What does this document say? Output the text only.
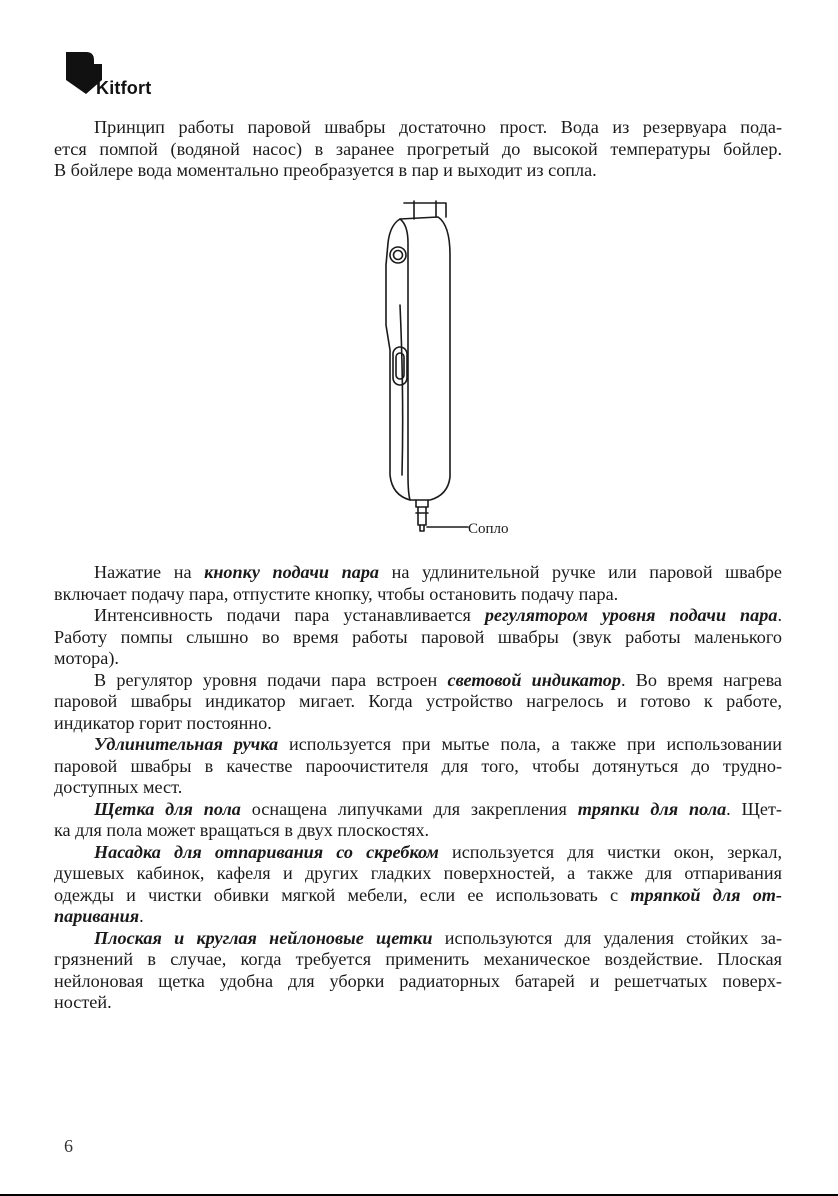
Kitfort

Принцип работы паровой швабры достаточно прост. Вода из резервуара пода-
ется помпой (водяной насос) в заранее прогретый до высокой температуры бойлер.
В бойлере вода моментально преобразуется в пар и выходит из сопла.

Сопло

Нажатие на кнопку подачи пара на удлинительной ручке или паровой швабре
включает подачу пара, отпустите кнопку, чтобы остановить подачу пара.

Интенсивность подачи пара устанавливается регулятором уровня подачи пара.
Работу помпы слышно во время работы паровой швабры (звук работы маленького
мотора).

В регулятор уровня подачи пара встроен световой индикатор. Во время нагрева
паровой швабры индикатор мигает. Когда устройство нагрелось и готово к работе,
индикатор горит постоянно.

Удлинительная ручка используется при мытье пола, а также при использовании
паровой швабры в качестве пароочистителя для того, чтобы дотянуться до трудно-
доступных мест.

Щетка для пола оснащена липучками для закрепления тряпки для пола. Щет-
ка для пола может вращаться в двух плоскостях.

Насадка для отпаривания со скребком используется для чистки окон, зеркал,
душевых кабинок, кафеля и других гладких поверхностей, а также для отпаривания
одежды и чистки обивки мягкой мебели, если ее использовать с тряпкой для от-
паривания.

Плоская и круглая нейлоновые щетки используются для удаления стойких за-
грязнений в случае, когда требуется применить механическое воздействие. Плоская
нейлоновая щетка удобна для уборки радиаторных батарей и решетчатых поверх-
ностей.

6
